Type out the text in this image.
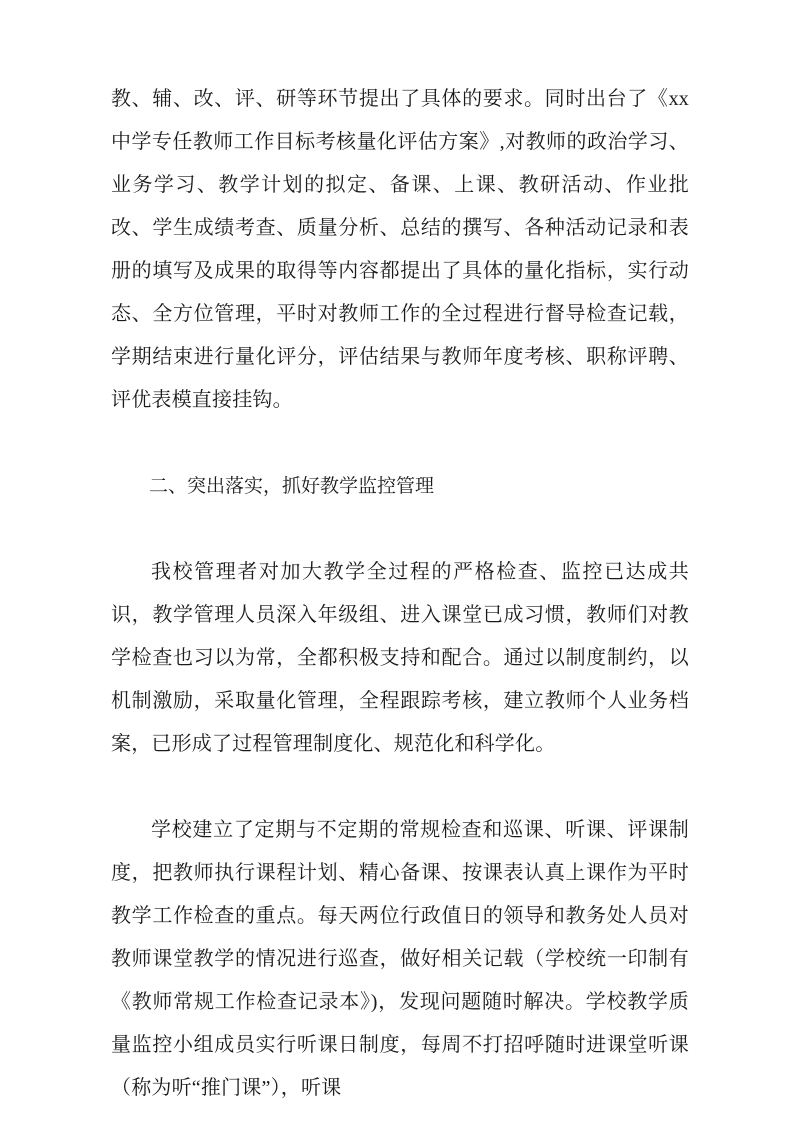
教、辅、改、评、研等环节提出了具体的要求。同时出台了《xx 中学专任教师工作目标考核量化评估方案》,对教师的政治学习、业务学习、教学计划的拟定、备课、上课、教研活动、作业批改、学生成绩考查、质量分析、总结的撰写、各种活动记录和表册的填写及成果的取得等内容都提出了具体的量化指标，实行动态、全方位管理，平时对教师工作的全过程进行督导检查记载，学期结束进行量化评分，评估结果与教师年度考核、职称评聘、评优表模直接挂钩。

二、突出落实，抓好教学监控管理

我校管理者对加大教学全过程的严格检查、监控已达成共识，教学管理人员深入年级组、进入课堂已成习惯，教师们对教学检查也习以为常，全都积极支持和配合。通过以制度制约，以机制激励，采取量化管理，全程跟踪考核，建立教师个人业务档案，已形成了过程管理制度化、规范化和科学化。

学校建立了定期与不定期的常规检查和巡课、听课、评课制度，把教师执行课程计划、精心备课、按课表认真上课作为平时教学工作检查的重点。每天两位行政值日的领导和教务处人员对教师课堂教学的情况进行巡查，做好相关记载（学校统一印制有《教师常规工作检查记录本》)，发现问题随时解决。学校教学质量监控小组成员实行听课日制度，每周不打招呼随时进课堂听课（称为听“推门课”），听课
